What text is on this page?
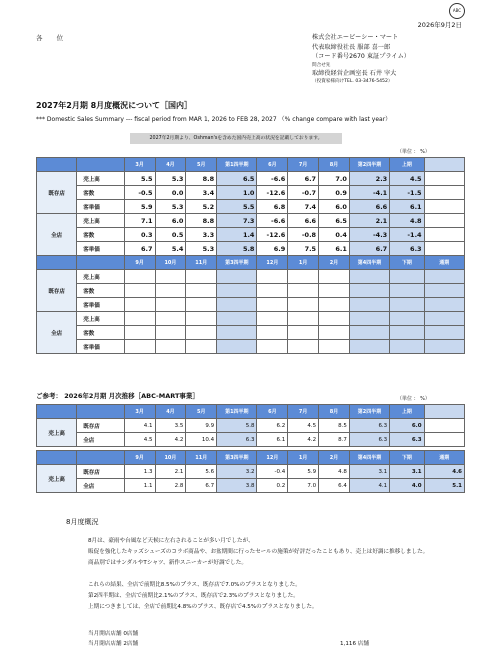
ABC
2026年9月2日
各 位	株式会社エービーシー・マート
代表取締役社長 服部 喜一郎
（コード番号2670 東証プライム）
問合せ先
取締役経営企画室長 石井 宰大
（投資家様向けTEL. 03-3476-5452）
2027年2月期 8月度概況について［国内］
*** Domestic Sales Summary --- fiscal period from MAR 1, 2026 to FEB 28, 2027 （% change compare with last year）
2027年2月期より、Oshman'sを含めた国内売上高の状況を記載しております。
（単位 ： %）
		3月	4月	5月	第1四半期	6月	7月	8月	第2四半期	上期	
既存店	売上高	5.5	5.3	8.8	6.5	-6.6	6.7	7.0	2.3	4.5	
	客数	-0.5	0.0	3.4	1.0	-12.6	-0.7	0.9	-4.1	-1.5	
	客単価	5.9	5.3	5.2	5.5	6.8	7.4	6.0	6.6	6.1	
全店	売上高	7.1	6.0	8.8	7.3	-6.6	6.6	6.5	2.1	4.8	
	客数	0.3	0.5	3.3	1.4	-12.6	-0.8	0.4	-4.3	-1.4	
	客単価	6.7	5.4	5.3	5.8	6.9	7.5	6.1	6.7	6.3	
		9月	10月	11月	第3四半期	12月	1月	2月	第4四半期	下期	通期
既存店	売上高										
	客数										
	客単価										
全店	売上高										
	客数										
	客単価										
ご参考： 2026年2月期 月次推移［ABC-MART事業］	（単位 ： %）
		3月	4月	5月	第1四半期	6月	7月	8月	第2四半期	上期	
売上高	既存店	4.1	3.5	9.9	5.8	6.2	4.5	8.5	6.3	6.0	
	全店	4.5	4.2	10.4	6.3	6.1	4.2	8.7	6.3	6.3	
		9月	10月	11月	第3四半期	12月	1月	2月	第4四半期	下期	通期
売上高	既存店	1.3	2.1	5.6	3.2	-0.4	5.9	4.8	3.1	3.1	4.6
	全店	1.1	2.8	6.7	3.8	0.2	7.0	6.4	4.1	4.0	5.1
8月度概況

8月は、豪雨や台風など天候に左右されることが多い月でしたが、

販促を強化したキッズシューズのコラボ商品や、お盆期間に行ったセールの施策が好評だったこともあり、売上は好調に推移しました。

商品別ではサンダルやTシャツ、新作スニーカーが好調でした。

これらの結果、全店で前期比8.5%のプラス、既存店で7.0%のプラスとなりました。

第2四半期は、全店で前期比2.1%のプラス、既存店で2.3%のプラスとなりました。

上期につきましては、全店で前期比4.8%のプラス、既存店で4.5%のプラスとなりました。

当月開店店舗 0店舗
当月閉店店舗 2店舗	1,116 店舗
